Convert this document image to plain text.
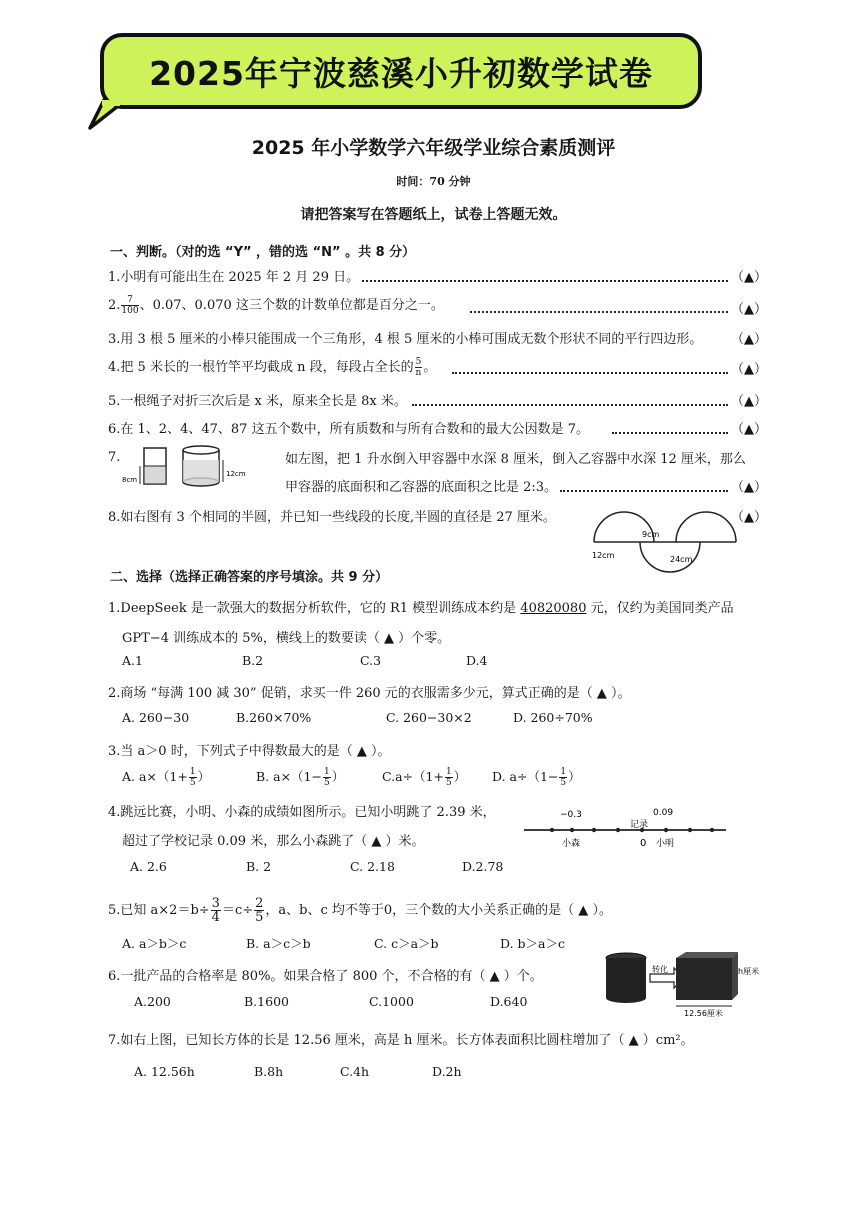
2025年宁波慈溪小升初数学试卷
2025 年小学数学六年级学业综合素质测评
时间：70 分钟
请把答案写在答题纸上，试卷上答题无效。
一、判断。（对的选 “Y” ，错的选 “N” 。共 8 分）
1.小明有可能出生在 2025 年 2 月 29 日。	（▲）
2. $\frac{7}{100}$ 、0.07、0.070 这三个数的计数单位都是百分之一。	（▲）
3.用 3 根 5 厘米的小棒只能围成一个三角形，4 根 5 厘米的小棒可围成无数个形状不同的平行四边形。 （▲）
4.把 5 米长的一根竹竿平均截成 n 段，每段占全长的 $\frac{5}{n}$ 。	（▲）
5.一根绳子对折三次后是 x 米，原来全长是 8x 米。	（▲）
6.在 1、2、4、47、87 这五个数中，所有质数和与所有合数和的最大公因数是 7。	（▲）
7.
8cm
12cm
如左图，把 1 升水倒入甲容器中水深 8 厘米，倒入乙容器中水深 12 厘米，那么
甲容器的底面积和乙容器的底面积之比是 2:3。	（▲）
8.如右图有 3 个相同的半圆，并已知一些线段的长度,半圆的直径是 27 厘米。	（▲）
9cm
12cm	24cm
二、选择（选择正确答案的序号填涂。共 9 分）
1.DeepSeek 是一款强大的数据分析软件，它的 R1 模型训练成本约是 40820080 元，仅约为美国同类产品
GPT−4 训练成本的 5%，横线上的数要读（ ▲ ）个零。
A.1	B.2	C.3	D.4
2.商场 “每满 100 减 30” 促销，求买一件 260 元的衣服需多少元，算式正确的是（ ▲ ）。
A. 260−30	B.260×70%	C. 260−30×2	D. 260÷70%
3.当 a＞0 时，下列式子中得数最大的是（ ▲ ）。
A. $a\times(1+ \frac{1}{5}$ ）	B. $a\times(1- \frac{1}{5}$ ）	$C.a\div(1+ \frac{1}{5}$ ） D. $a\div(1- \frac{1}{5}$ ）
4.跳远比赛，小明、小森的成绩如图所示。已知小明跳了 2.39 米，
超过了学校记录 0.09 米，那么小森跳了（ ▲ ）米。
A. 2.6	B. 2	C. 2.18	D.2.78
−0.3	0.09
记录
0 小明
小森
5.已知 $a\times 2=b\div \frac{3}{4} =c\div \frac{2}{5}$ ，a、b、c 均不等于0，三个数的大小关系正确的是（ ▲ ）。
A. a＞b＞c	B. a＞c＞b	C. c＞a＞b	D. b＞a＞c
6.一批产品的合格率是 80%。如果合格了 800 个，不合格的有（ ▲ ）个。
A.200	B.1600	C.1000	D.640
转化	h厘米
12.56厘米
7.如右上图，已知长方体的长是 12.56 厘米，高是 h 厘米。长方体表面积比圆柱增加了（ ▲ ）cm²。
A. 12.56h	B.8h	C.4h	D.2h
